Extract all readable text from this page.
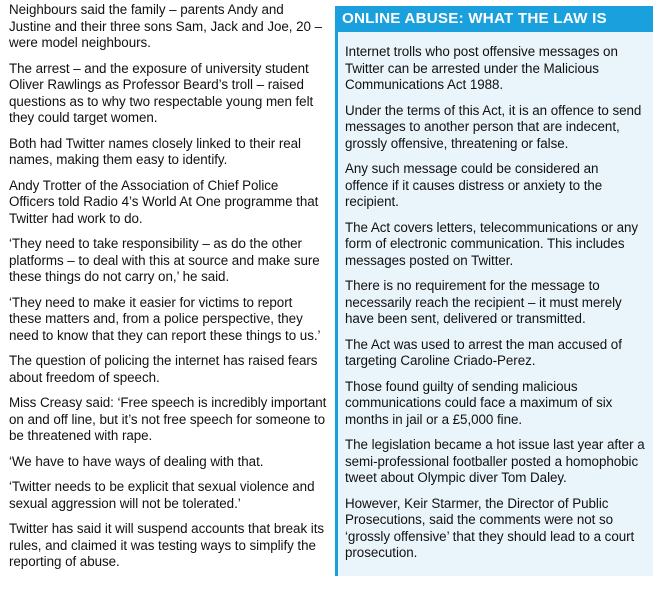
Neighbours said the family – parents Andy and Justine and their three sons Sam, Jack and Joe, 20 – were model neighbours.

The arrest – and the exposure of university student Oliver Rawlings as Professor Beard’s troll – raised questions as to why two respectable young men felt they could target women.

Both had Twitter names closely linked to their real names, making them easy to identify.

Andy Trotter of the Association of Chief Police Officers told Radio 4’s World At One programme that Twitter had work to do.

‘They need to take responsibility – as do the other platforms – to deal with this at source and make sure these things do not carry on,’ he said.

‘They need to make it easier for victims to report these matters and, from a police perspective, they need to know that they can report these things to us.’

The question of policing the internet has raised fears about freedom of speech.

Miss Creasy said: ‘Free speech is incredibly important on and off line, but it’s not free speech for someone to be threatened with rape.

‘We have to have ways of dealing with that.

‘Twitter needs to be explicit that sexual violence and sexual aggression will not be tolerated.’

Twitter has said it will suspend accounts that break its rules, and claimed it was testing ways to simplify the reporting of abuse.

ONLINE ABUSE: WHAT THE LAW IS

Internet trolls who post offensive messages on Twitter can be arrested under the Malicious Communications Act 1988.

Under the terms of this Act, it is an offence to send messages to another person that are indecent, grossly offensive, threatening or false.

Any such message could be considered an offence if it causes distress or anxiety to the recipient.

The Act covers letters, telecommunications or any form of electronic communication. This includes messages posted on Twitter.

There is no requirement for the message to necessarily reach the recipient – it must merely have been sent, delivered or transmitted.

The Act was used to arrest the man accused of targeting Caroline Criado-Perez.

Those found guilty of sending malicious communications could face a maximum of six months in jail or a £5,000 fine.

The legislation became a hot issue last year after a semi-professional footballer posted a homophobic tweet about Olympic diver Tom Daley.

However, Keir Starmer, the Director of Public Prosecutions, said the comments were not so ‘grossly offensive’ that they should lead to a court prosecution.
